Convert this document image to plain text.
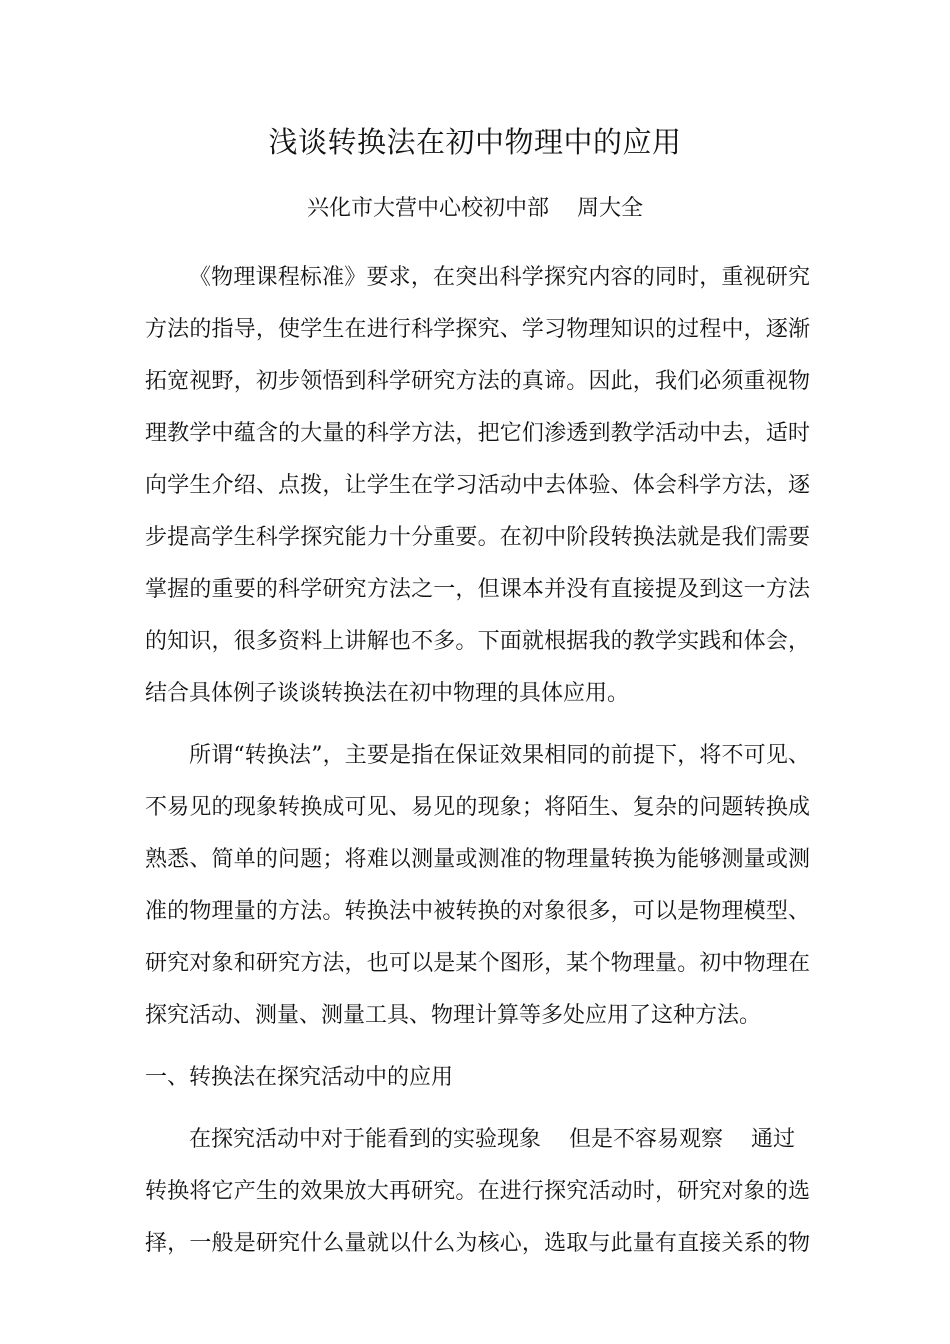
浅谈转换法在初中物理中的应用
兴化市大营中心校初中部    周大全
《物理课程标准》要求，在突出科学探究内容的同时，重视研究
方法的指导，使学生在进行科学探究、学习物理知识的过程中，逐渐
拓宽视野，初步领悟到科学研究方法的真谛。因此，我们必须重视物
理教学中蕴含的大量的科学方法，把它们渗透到教学活动中去，适时
向学生介绍、点拨，让学生在学习活动中去体验、体会科学方法，逐
步提高学生科学探究能力十分重要。在初中阶段转换法就是我们需要
掌握的重要的科学研究方法之一，但课本并没有直接提及到这一方法
的知识，很多资料上讲解也不多。下面就根据我的教学实践和体会，
结合具体例子谈谈转换法在初中物理的具体应用。
所谓“转换法”，主要是指在保证效果相同的前提下，将不可见、
不易见的现象转换成可见、易见的现象；将陌生、复杂的问题转换成
熟悉、简单的问题；将难以测量或测准的物理量转换为能够测量或测
准的物理量的方法。转换法中被转换的对象很多，可以是物理模型、
研究对象和研究方法，也可以是某个图形，某个物理量。初中物理在
探究活动、测量、测量工具、物理计算等多处应用了这种方法。
一、转换法在探究活动中的应用
在探究活动中对于能看到的实验现象    但是不容易观察    通过
转换将它产生的效果放大再研究。在进行探究活动时，研究对象的选
择，一般是研究什么量就以什么为核心，选取与此量有直接关系的物
